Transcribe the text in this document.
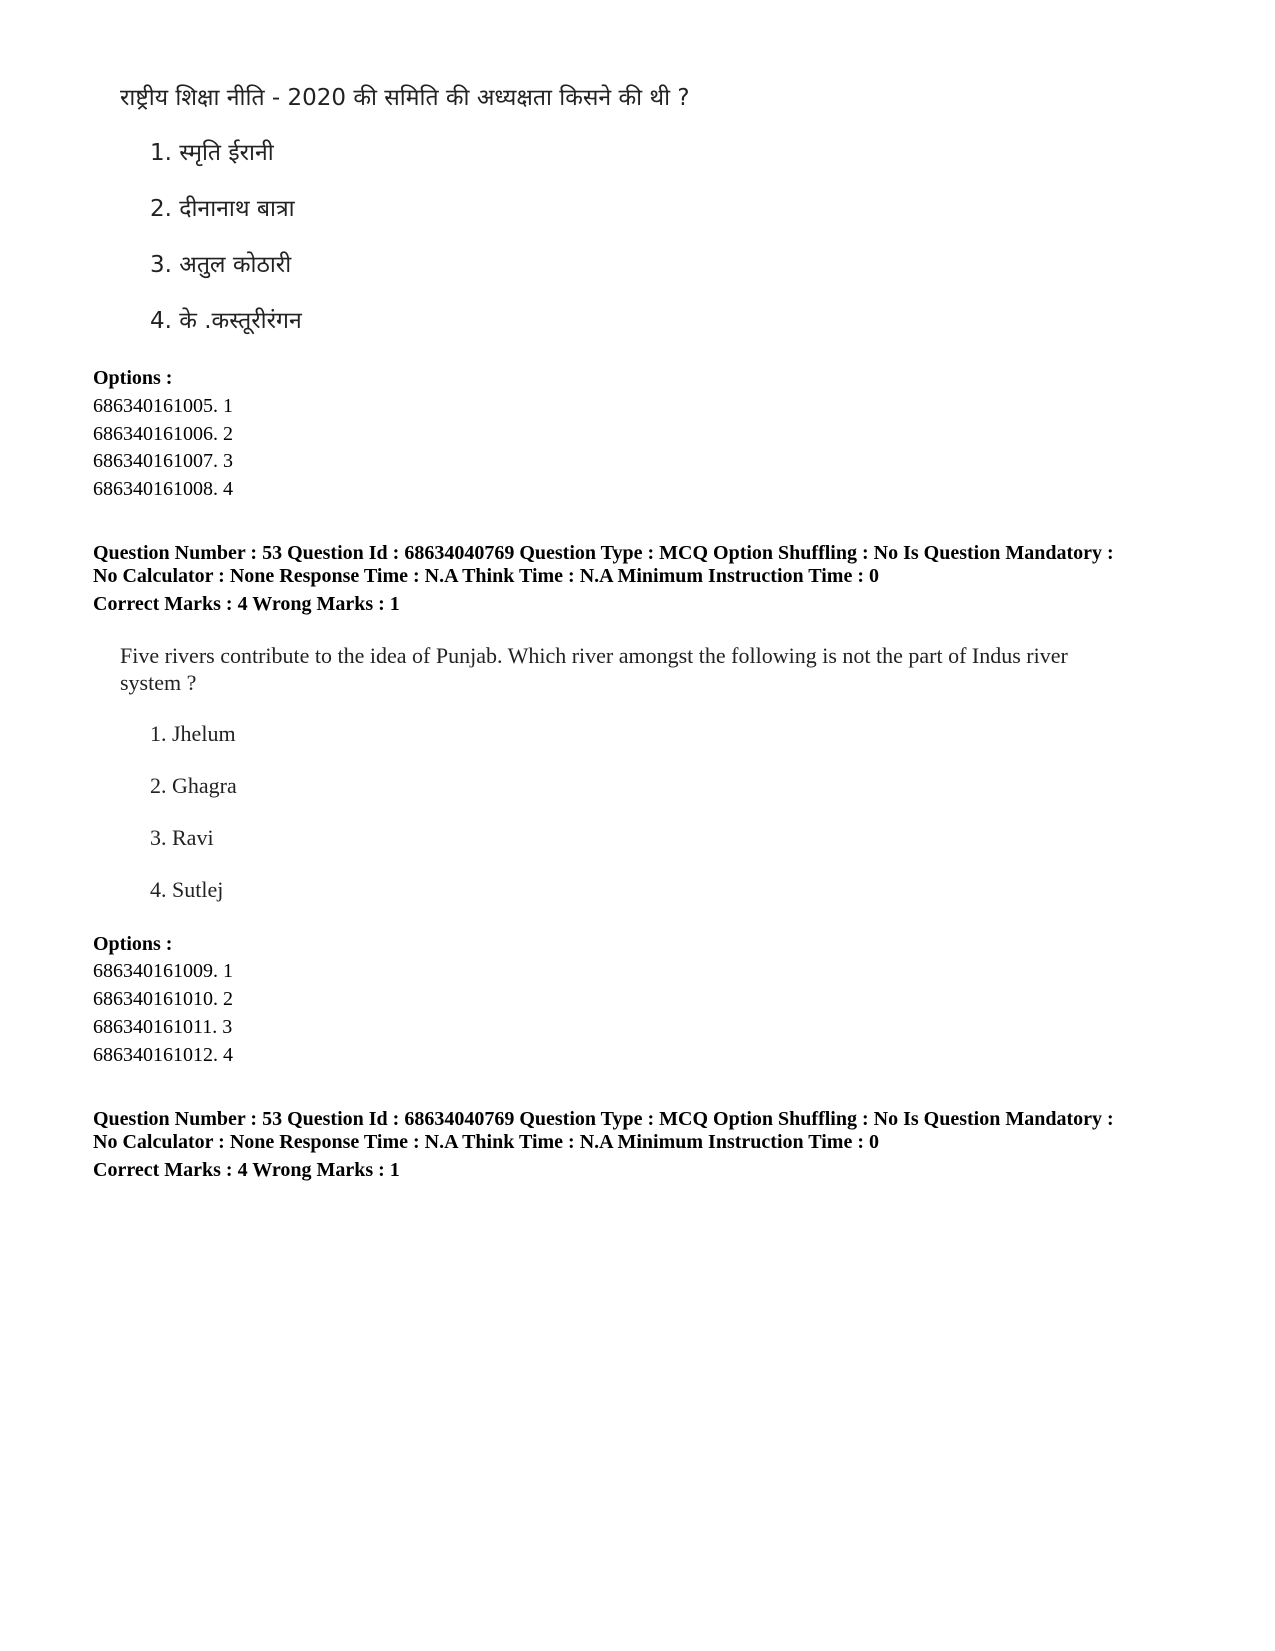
राष्ट्रीय शिक्षा नीति - 2020 की समिति की अध्यक्षता किसने की थी ?
1. स्मृति ईरानी
2. दीनानाथ बात्रा
3. अतुल कोठारी
4. के .कस्तूरीरंगन
Options :
686340161005. 1
686340161006. 2
686340161007. 3
686340161008. 4
Question Number : 53 Question Id : 68634040769 Question Type : MCQ Option Shuffling : No Is Question Mandatory :
No Calculator : None Response Time : N.A Think Time : N.A Minimum Instruction Time : 0
Correct Marks : 4 Wrong Marks : 1
Five rivers contribute to the idea of Punjab. Which river amongst the following is not the part of Indus river
system ?
1. Jhelum
2. Ghagra
3. Ravi
4. Sutlej
Options :
686340161009. 1
686340161010. 2
686340161011. 3
686340161012. 4
Question Number : 53 Question Id : 68634040769 Question Type : MCQ Option Shuffling : No Is Question Mandatory :
No Calculator : None Response Time : N.A Think Time : N.A Minimum Instruction Time : 0
Correct Marks : 4 Wrong Marks : 1
